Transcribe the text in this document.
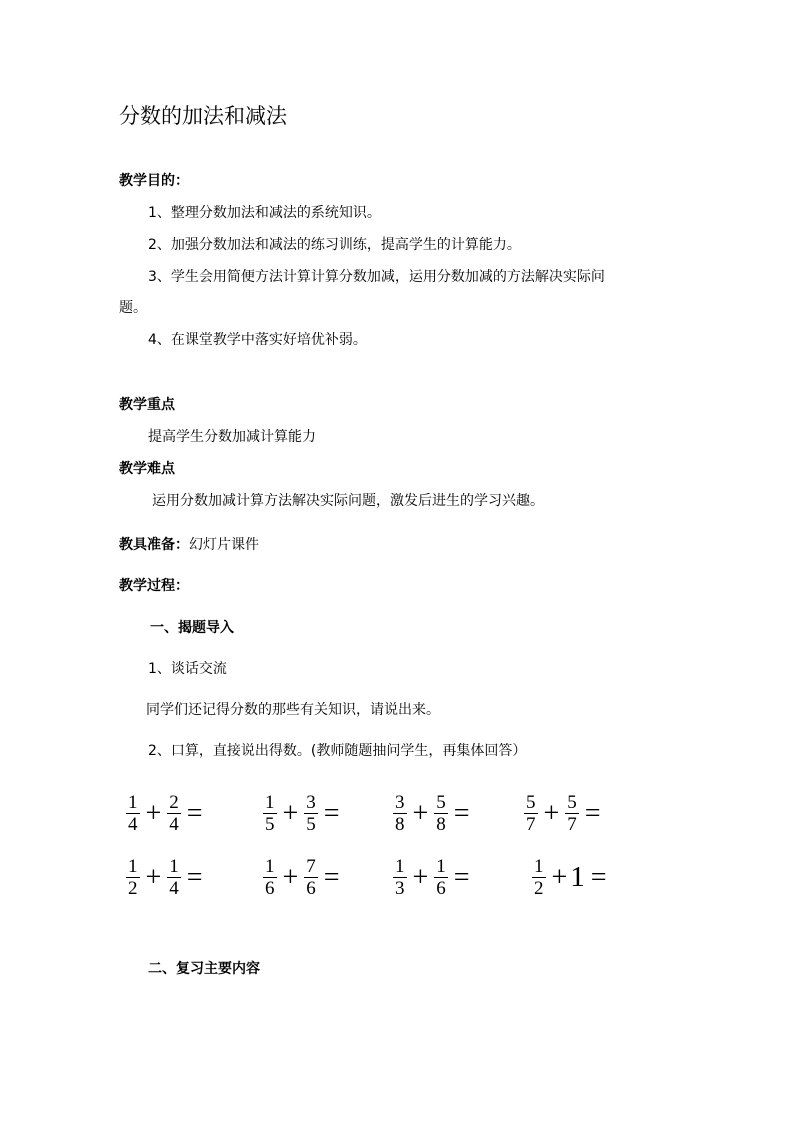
分数的加法和减法
教学目的：
1、整理分数加法和减法的系统知识。
2、加强分数加法和减法的练习训练，提高学生的计算能力。
3、学生会用简便方法计算计算分数加减，运用分数加减的方法解决实际问
题。
4、在课堂教学中落实好培优补弱。
教学重点
提高学生分数加减计算能力
教学难点
运用分数加减计算方法解决实际问题，激发后进生的学习兴趣。
教具准备：幻灯片课件
教学过程：
一、揭题导入
1、谈话交流
同学们还记得分数的那些有关知识，请说出来。
2、口算，直接说出得数。(教师随题抽问学生，再集体回答）
$\frac{1}{4} + \frac{2}{4}$ =	$\frac{1}{5} + \frac{3}{5}$ =	$\frac{3}{8} + \frac{5}{8}$ =	$\frac{5}{7} + \frac{5}{7}$ =
$\frac{1}{2} + \frac{1}{4}$ =	$\frac{1}{6} + \frac{7}{6}$ =	$\frac{1}{3} + \frac{1}{6}$ =	$\frac{1}{2} + 1$ =
二、复习主要内容
